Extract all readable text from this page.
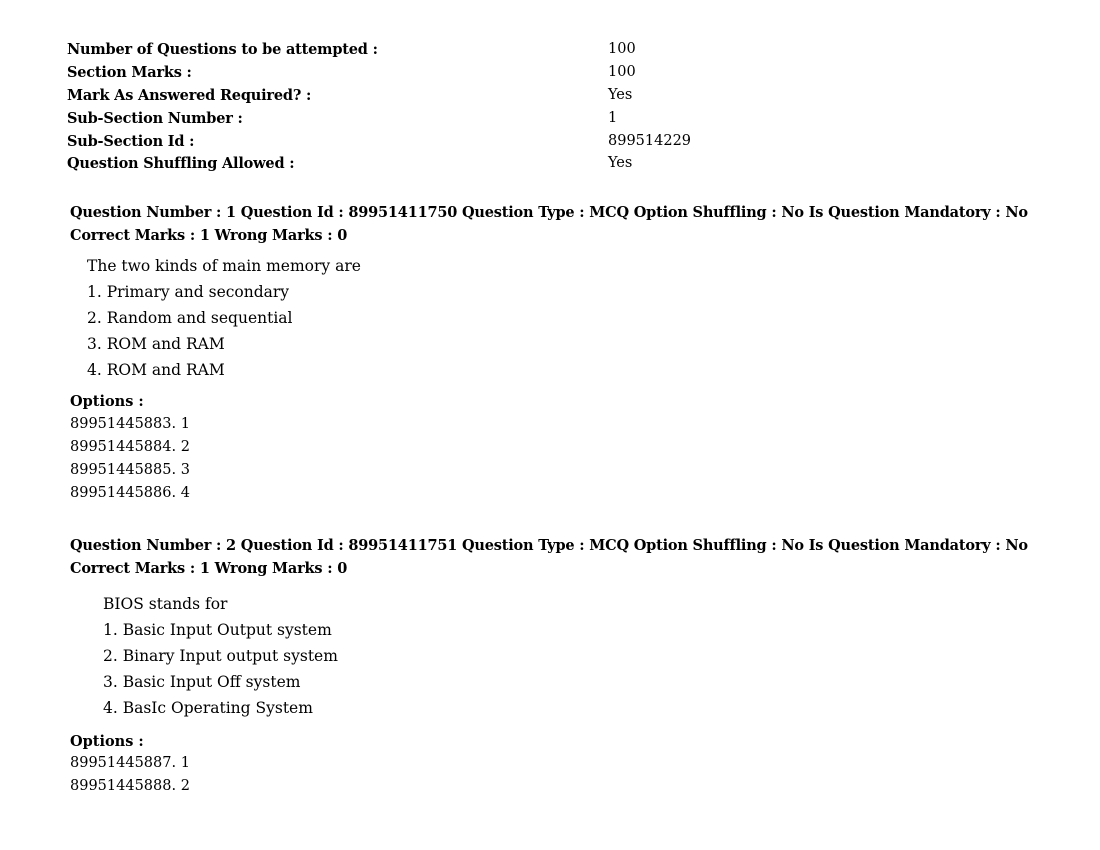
Number of Questions to be attempted :	100
Section Marks :	100
Mark As Answered Required? :	Yes
Sub-Section Number :	1
Sub-Section Id :	899514229
Question Shuffling Allowed :	Yes
Question Number : 1 Question Id : 89951411750 Question Type : MCQ Option Shuffling : No Is Question Mandatory : No
Correct Marks : 1 Wrong Marks : 0
The two kinds of main memory are
1. Primary and secondary
2. Random and sequential
3. ROM and RAM
4. ROM and RAM
Options :
89951445883. 1
89951445884. 2
89951445885. 3
89951445886. 4
Question Number : 2 Question Id : 89951411751 Question Type : MCQ Option Shuffling : No Is Question Mandatory : No
Correct Marks : 1 Wrong Marks : 0
BIOS stands for
1. Basic Input Output system
2. Binary Input output system
3. Basic Input Off system
4. BasIc Operating System
Options :
89951445887. 1
89951445888. 2
